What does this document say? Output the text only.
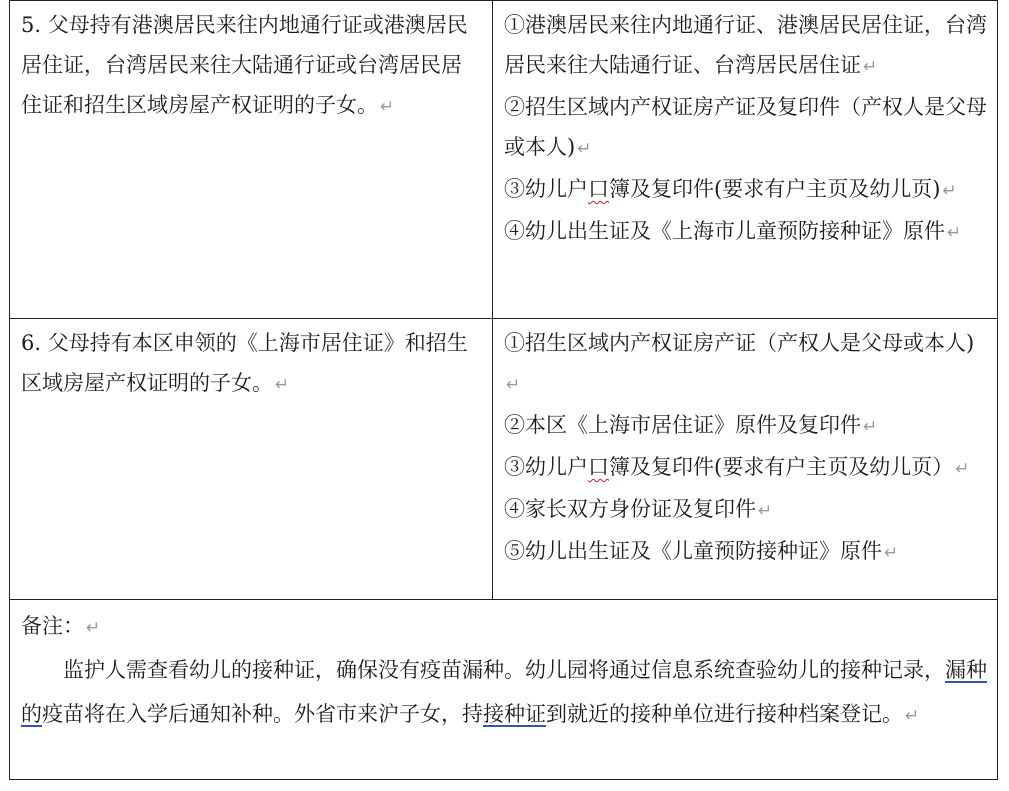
5. 父母持有港澳居民来往内地通行证或港澳居民居住证，台湾居民来往大陆通行证或台湾居民居住证和招生区域房屋产权证明的子女。 ↵	①港澳居民来往内地通行证、港澳居民居住证，台湾居民来往大陆通行证、台湾居民居住证 ↵
②招生区域内产权证房产证及复印件（产权人是父母或本人) ↵
③幼儿户口簿及复印件(要求有户主页及幼儿页) ↵
④幼儿出生证及《上海市儿童预防接种证》原件 ↵

6. 父母持有本区申领的《上海市居住证》和招生区域房屋产权证明的子女。 ↵	①招生区域内产权证房产证（产权人是父母或本人)↵
②本区《上海市居住证》原件及复印件 ↵
③幼儿户口簿及复印件(要求有户主页及幼儿页） ↵
④家长双方身份证及复印件 ↵
⑤幼儿出生证及《儿童预防接种证》原件 ↵

备注： ↵
监护人需查看幼儿的接种证，确保没有疫苗漏种。幼儿园将通过信息系统查验幼儿的接种记录，漏种的疫苗将在入学后通知补种。外省市来沪子女，持接种证到就近的接种单位进行接种档案登记。 ↵	
